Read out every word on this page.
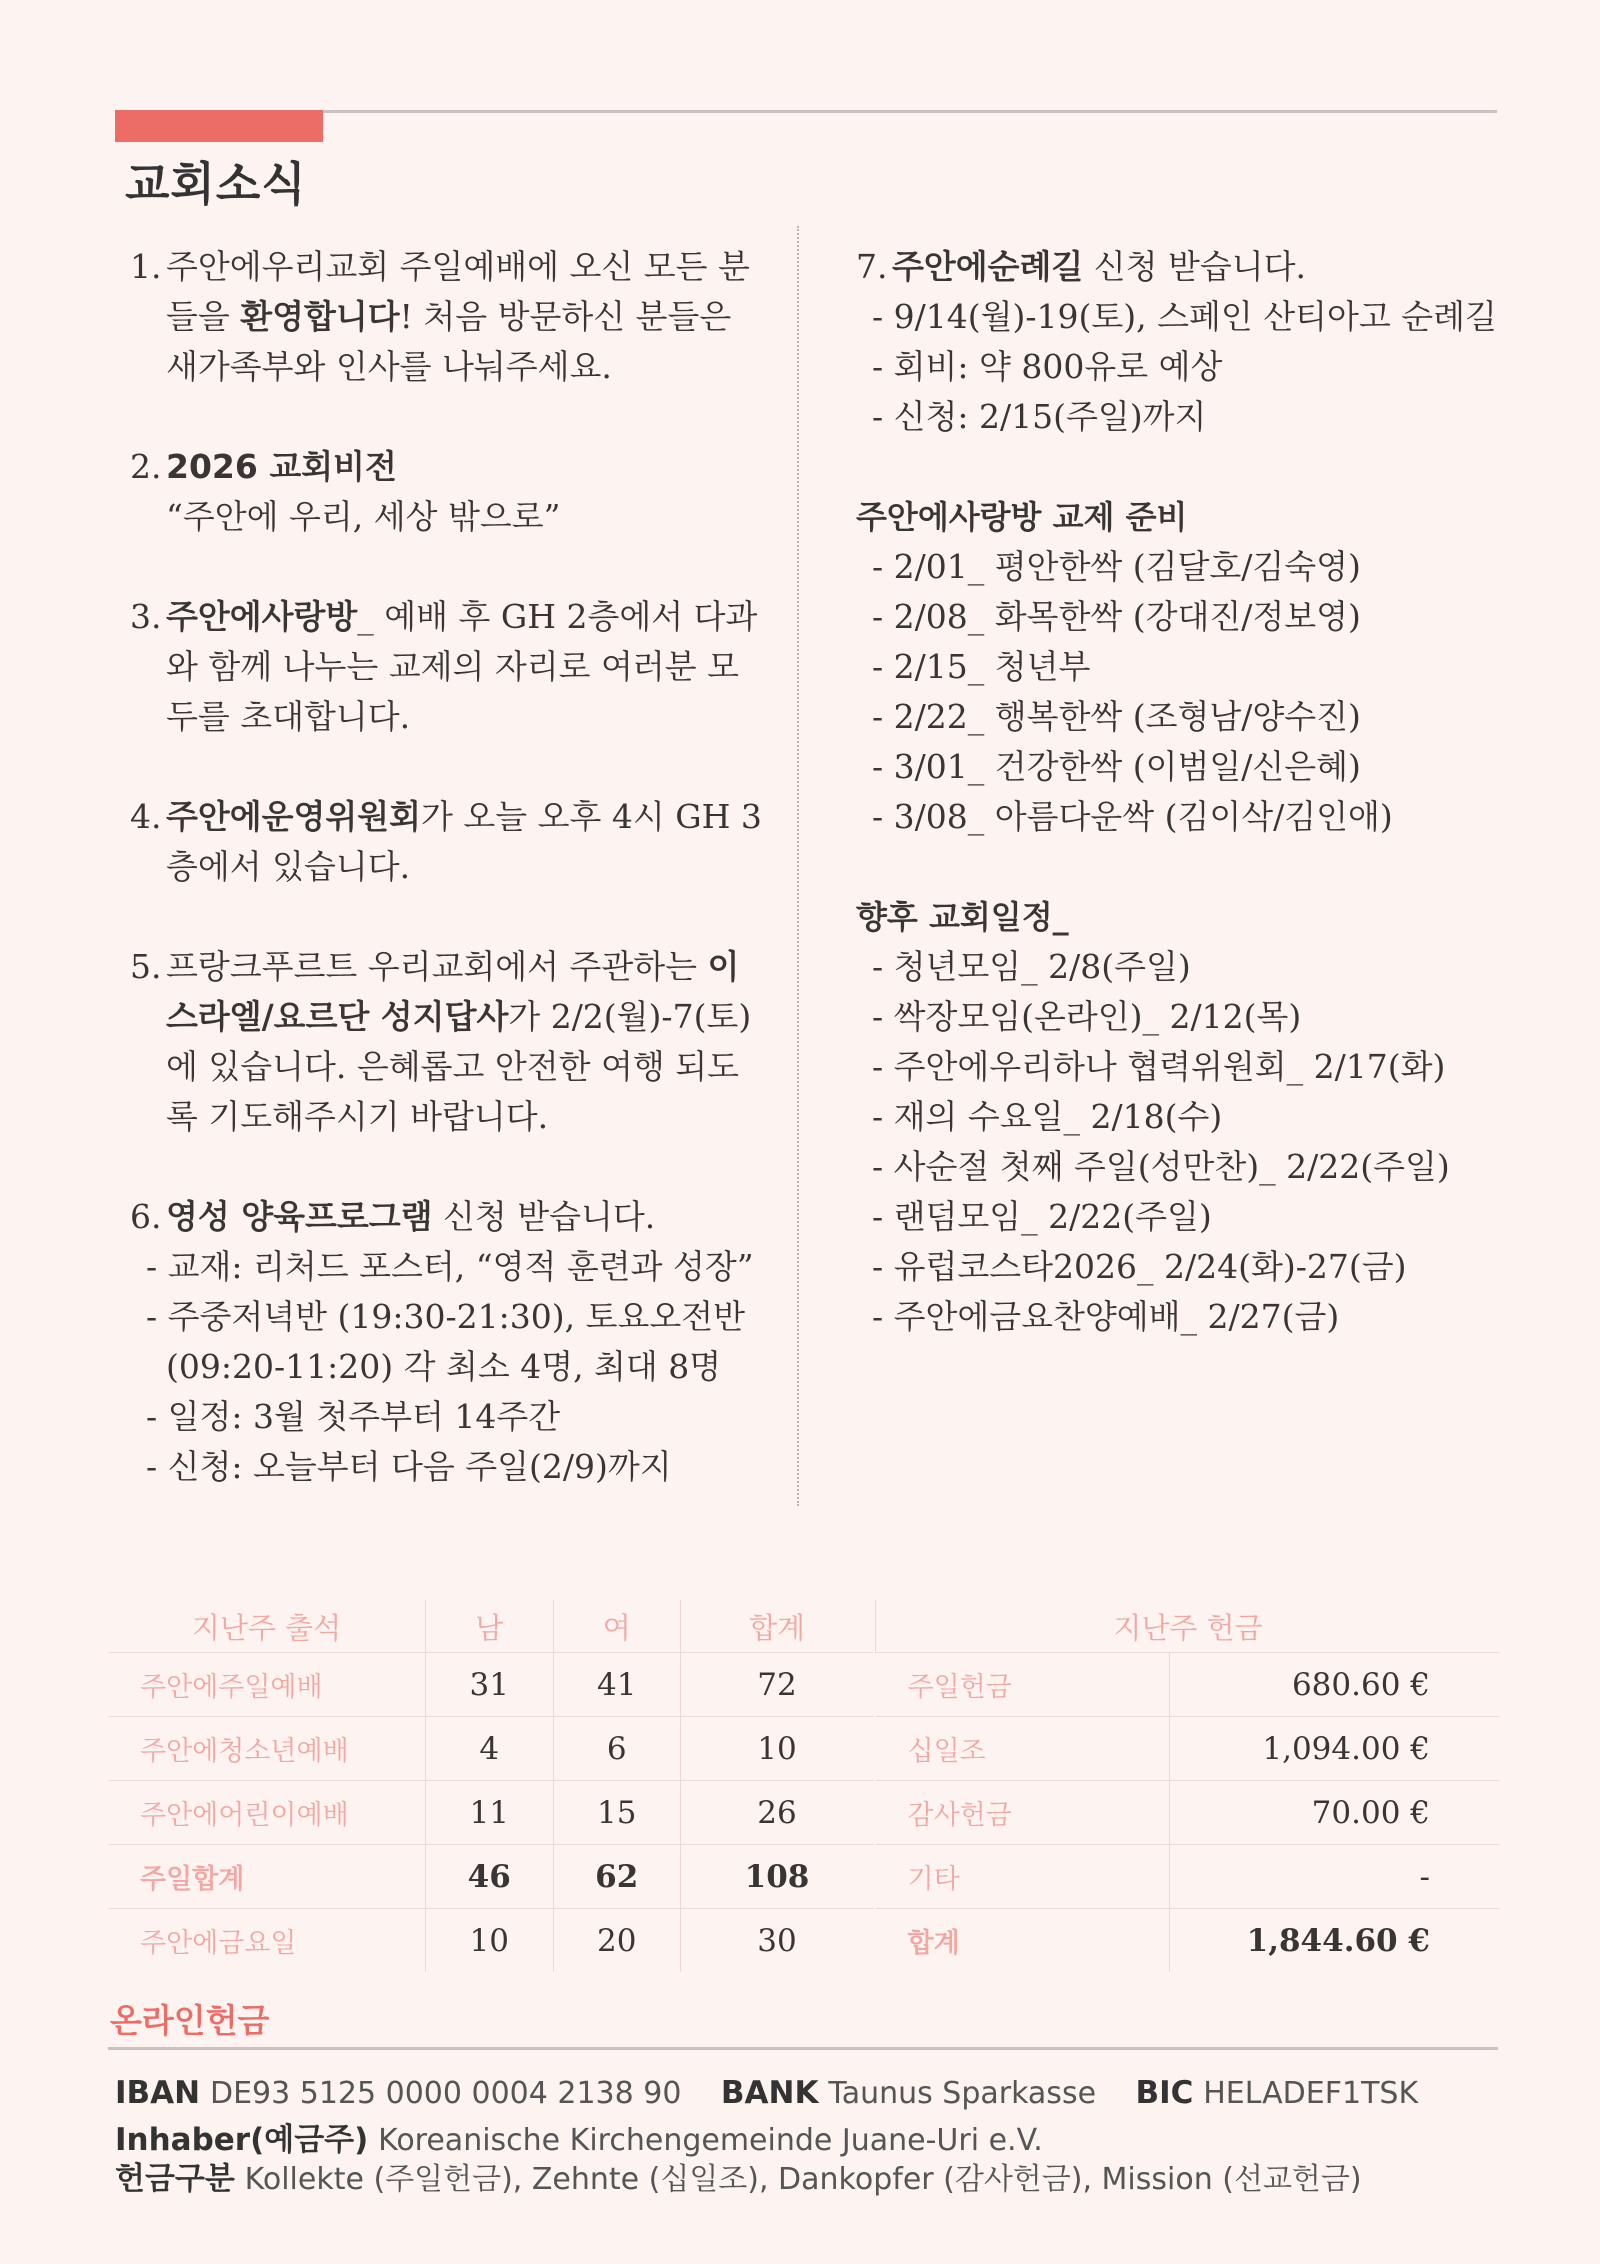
교회소식
1. 주안에우리교회 주일예배에 오신 모든 분들을 환영합니다! 처음 방문하신 분들은 새가족부와 인사를 나눠주세요.
2. 2026 교회비전
“주안에 우리, 세상 밖으로”
3. 주안에사랑방_ 예배 후 GH 2층에서 다과와 함께 나누는 교제의 자리로 여러분 모두를 초대합니다.
4. 주안에운영위원회가 오늘 오후 4시 GH 3층에서 있습니다.
5. 프랑크푸르트 우리교회에서 주관하는 이스라엘/요르단 성지답사가 2/2(월)-7(토)에 있습니다. 은혜롭고 안전한 여행 되도록 기도해주시기 바랍니다.
6. 영성 양육프로그램 신청 받습니다.
- 교재: 리처드 포스터, “영적 훈련과 성장”
- 주중저녁반 (19:30-21:30), 토요오전반
(09:20-11:20) 각 최소 4명, 최대 8명
- 일정: 3월 첫주부터 14주간
- 신청: 오늘부터 다음 주일(2/9)까지
7. 주안에순례길 신청 받습니다.
- 9/14(월)-19(토), 스페인 산티아고 순례길
- 회비: 약 800유로 예상
- 신청: 2/15(주일)까지
주안에사랑방 교제 준비
- 2/01_ 평안한싹 (김달호/김숙영)
- 2/08_ 화목한싹 (강대진/정보영)
- 2/15_ 청년부
- 2/22_ 행복한싹 (조형남/양수진)
- 3/01_ 건강한싹 (이범일/신은혜)
- 3/08_ 아름다운싹 (김이삭/김인애)
향후 교회일정_
- 청년모임_ 2/8(주일)
- 싹장모임(온라인)_ 2/12(목)
- 주안에우리하나 협력위원회_ 2/17(화)
- 재의 수요일_ 2/18(수)
- 사순절 첫째 주일(성만찬)_ 2/22(주일)
- 랜덤모임_ 2/22(주일)
- 유럽코스타2026_ 2/24(화)-27(금)
- 주안에금요찬양예배_ 2/27(금)
지난주 출석	남	여	합계
주안에주일예배	31	41	72
주안에청소년예배	4	6	10
주안에어린이예배	11	15	26
주일합계	46	62	108
주안에금요일	10	20	30
지난주 헌금	
주일헌금	680.60 €
십일조	1,094.00 €
감사헌금	70.00 €
기타	-
합계	1,844.60 €
온라인헌금
IBAN DE93 5125 0000 0004 2138 90 BANK Taunus Sparkasse BIC HELADEF1TSK
Inhaber(예금주) Koreanische Kirchengemeinde Juane-Uri e.V.
헌금구분 Kollekte (주일헌금), Zehnte (십일조), Dankopfer (감사헌금), Mission (선교헌금)
